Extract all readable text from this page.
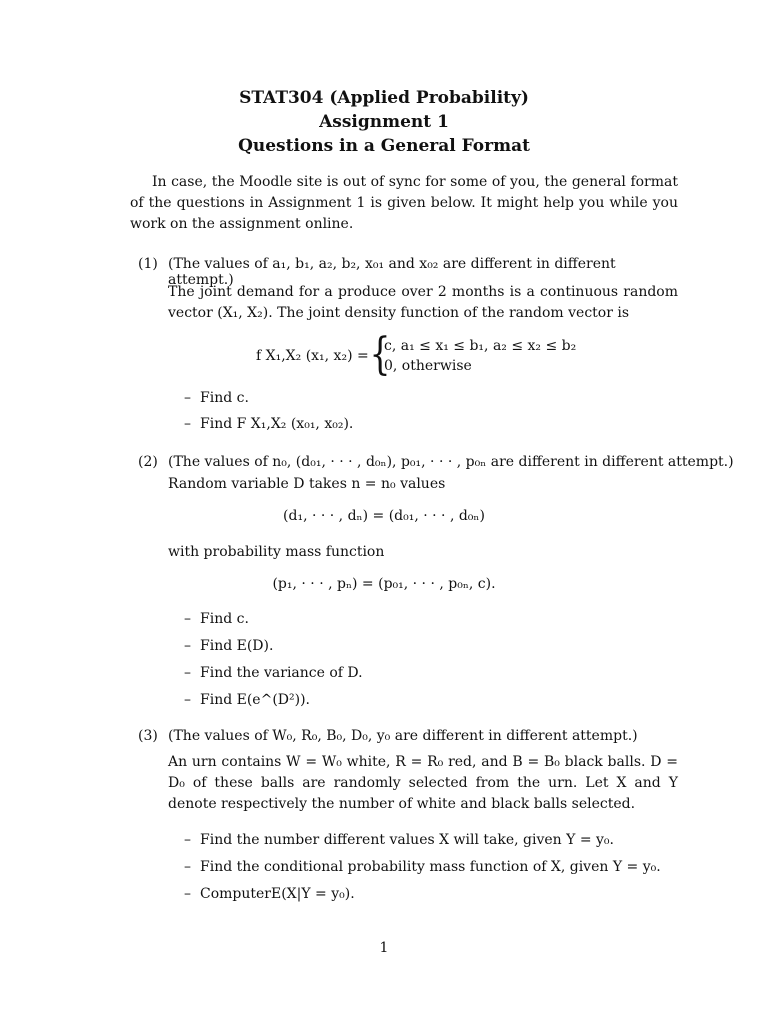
STAT304 (Applied Probability)
Assignment 1
Questions in a General Format
In case, the Moodle site is out of sync for some of you, the general format of the questions in Assignment 1 is given below. It might help you while you work on the assignment online.
(1) (The values of a₁, b₁, a₂, b₂, x₀₁ and x₀₂ are different in different attempt.)
The joint demand for a produce over 2 months is a continuous random vector (X₁, X₂). The joint density function of the random vector is
f X₁,X₂ (x₁, x₂) = {
c, a₁ ≤ x₁ ≤ b₁, a₂ ≤ x₂ ≤ b₂
0, otherwise
– Find c.
– Find F X₁,X₂ (x₀₁, x₀₂).
(2) (The values of n₀, (d₀₁, · · · , d₀ₙ), p₀₁, · · · , p₀ₙ are different in different attempt.)
Random variable D takes n = n₀ values
(d₁, · · · , dₙ) = (d₀₁, · · · , d₀ₙ)
with probability mass function
(p₁, · · · , pₙ) = (p₀₁, · · · , p₀ₙ, c).
– Find c.
– Find E(D).
– Find the variance of D.
– Find E(e^(D²)).
(3) (The values of W₀, R₀, B₀, D₀, y₀ are different in different attempt.)
An urn contains W = W₀ white, R = R₀ red, and B = B₀ black balls. D = D₀ of these balls are randomly selected from the urn. Let X and Y denote respectively the number of white and black balls selected.
– Find the number different values X will take, given Y = y₀.
– Find the conditional probability mass function of X, given Y = y₀.
– ComputerE(X|Y = y₀).
1
